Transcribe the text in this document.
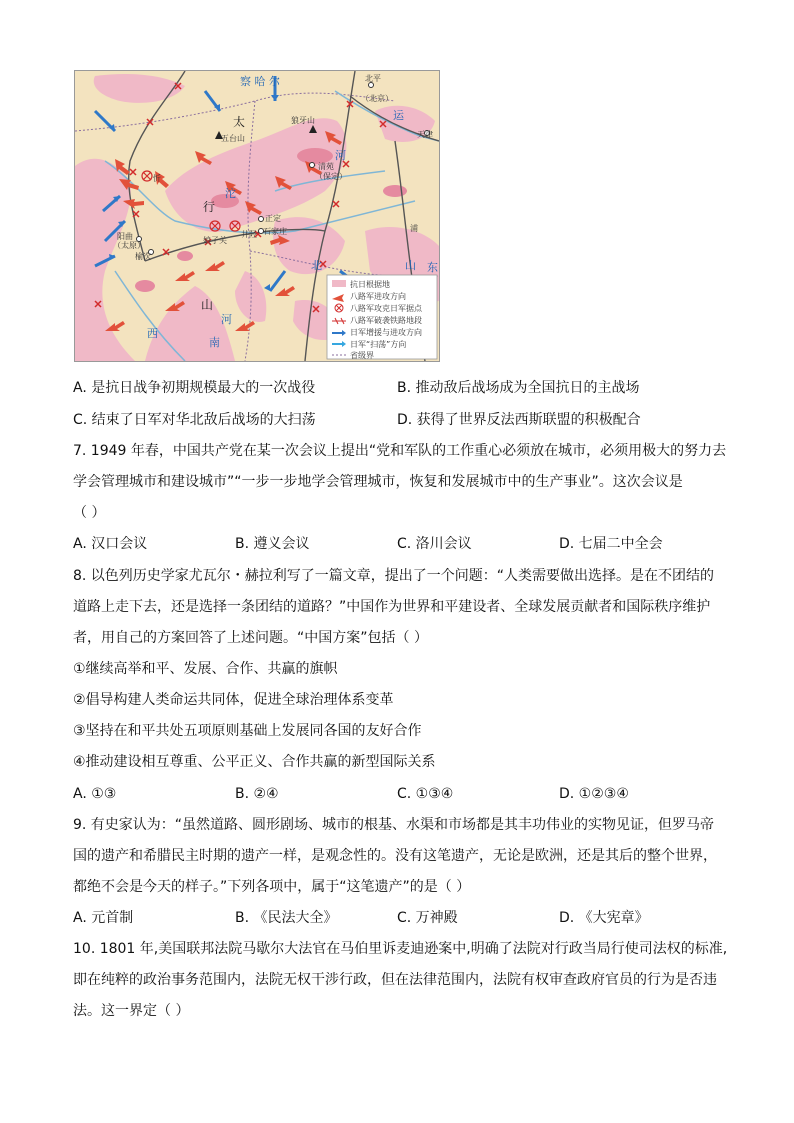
察 哈 尔	北平
（北京）
天津
运
河
五台山
狼牙山
太
清苑
（保定）
忻
行
沱
正定
石家庄
娘子关
井陉
阳曲
（太原）
榆次
山
西
南
河
北	山 东
浦
抗日根据地
八路军进攻方向
八路军攻克日军据点
八路军破袭铁路地段
日军增援与进攻方向
日军“扫荡”方向
省级界
A. 是抗日战争初期规模最大的一次战役	B. 推动敌后战场成为全国抗日的主战场
C. 结束了日军对华北敌后战场的大扫荡	D. 获得了世界反法西斯联盟的积极配合
7. 1949 年春，中国共产党在某一次会议上提出“党和军队的工作重心必须放在城市，必须用极大的努力去
学会管理城市和建设城市”“一步一步地学会管理城市，恢复和发展城市中的生产事业”。这次会议是
（ ）
A. 汉口会议	B. 遵义会议	C. 洛川会议	D. 七届二中全会
8. 以色列历史学家尤瓦尔・赫拉利写了一篇文章，提出了一个问题：“人类需要做出选择。是在不团结的
道路上走下去，还是选择一条团结的道路？”中国作为世界和平建设者、全球发展贡献者和国际秩序维护
者，用自己的方案回答了上述问题。“中国方案”包括（ ）
①继续高举和平、发展、合作、共赢的旗帜
②倡导构建人类命运共同体，促进全球治理体系变革
③坚持在和平共处五项原则基础上发展同各国的友好合作
④推动建设相互尊重、公平正义、合作共赢的新型国际关系
A. ①③	B. ②④	C. ①③④	D. ①②③④
9. 有史家认为：“虽然道路、圆形剧场、城市的根基、水渠和市场都是其丰功伟业的实物见证，但罗马帝
国的遗产和希腊民主时期的遗产一样，是观念性的。没有这笔遗产，无论是欧洲，还是其后的整个世界，
都绝不会是今天的样子。”下列各项中，属于“这笔遗产”的是（ ）
A. 元首制	B. 《民法大全》	C. 万神殿	D. 《大宪章》
10. 1801 年,美国联邦法院马歇尔大法官在马伯里诉麦迪逊案中,明确了法院对行政当局行使司法权的标准,
即在纯粹的政治事务范围内，法院无权干涉行政，但在法律范围内，法院有权审查政府官员的行为是否违
法。这一界定（ ）
